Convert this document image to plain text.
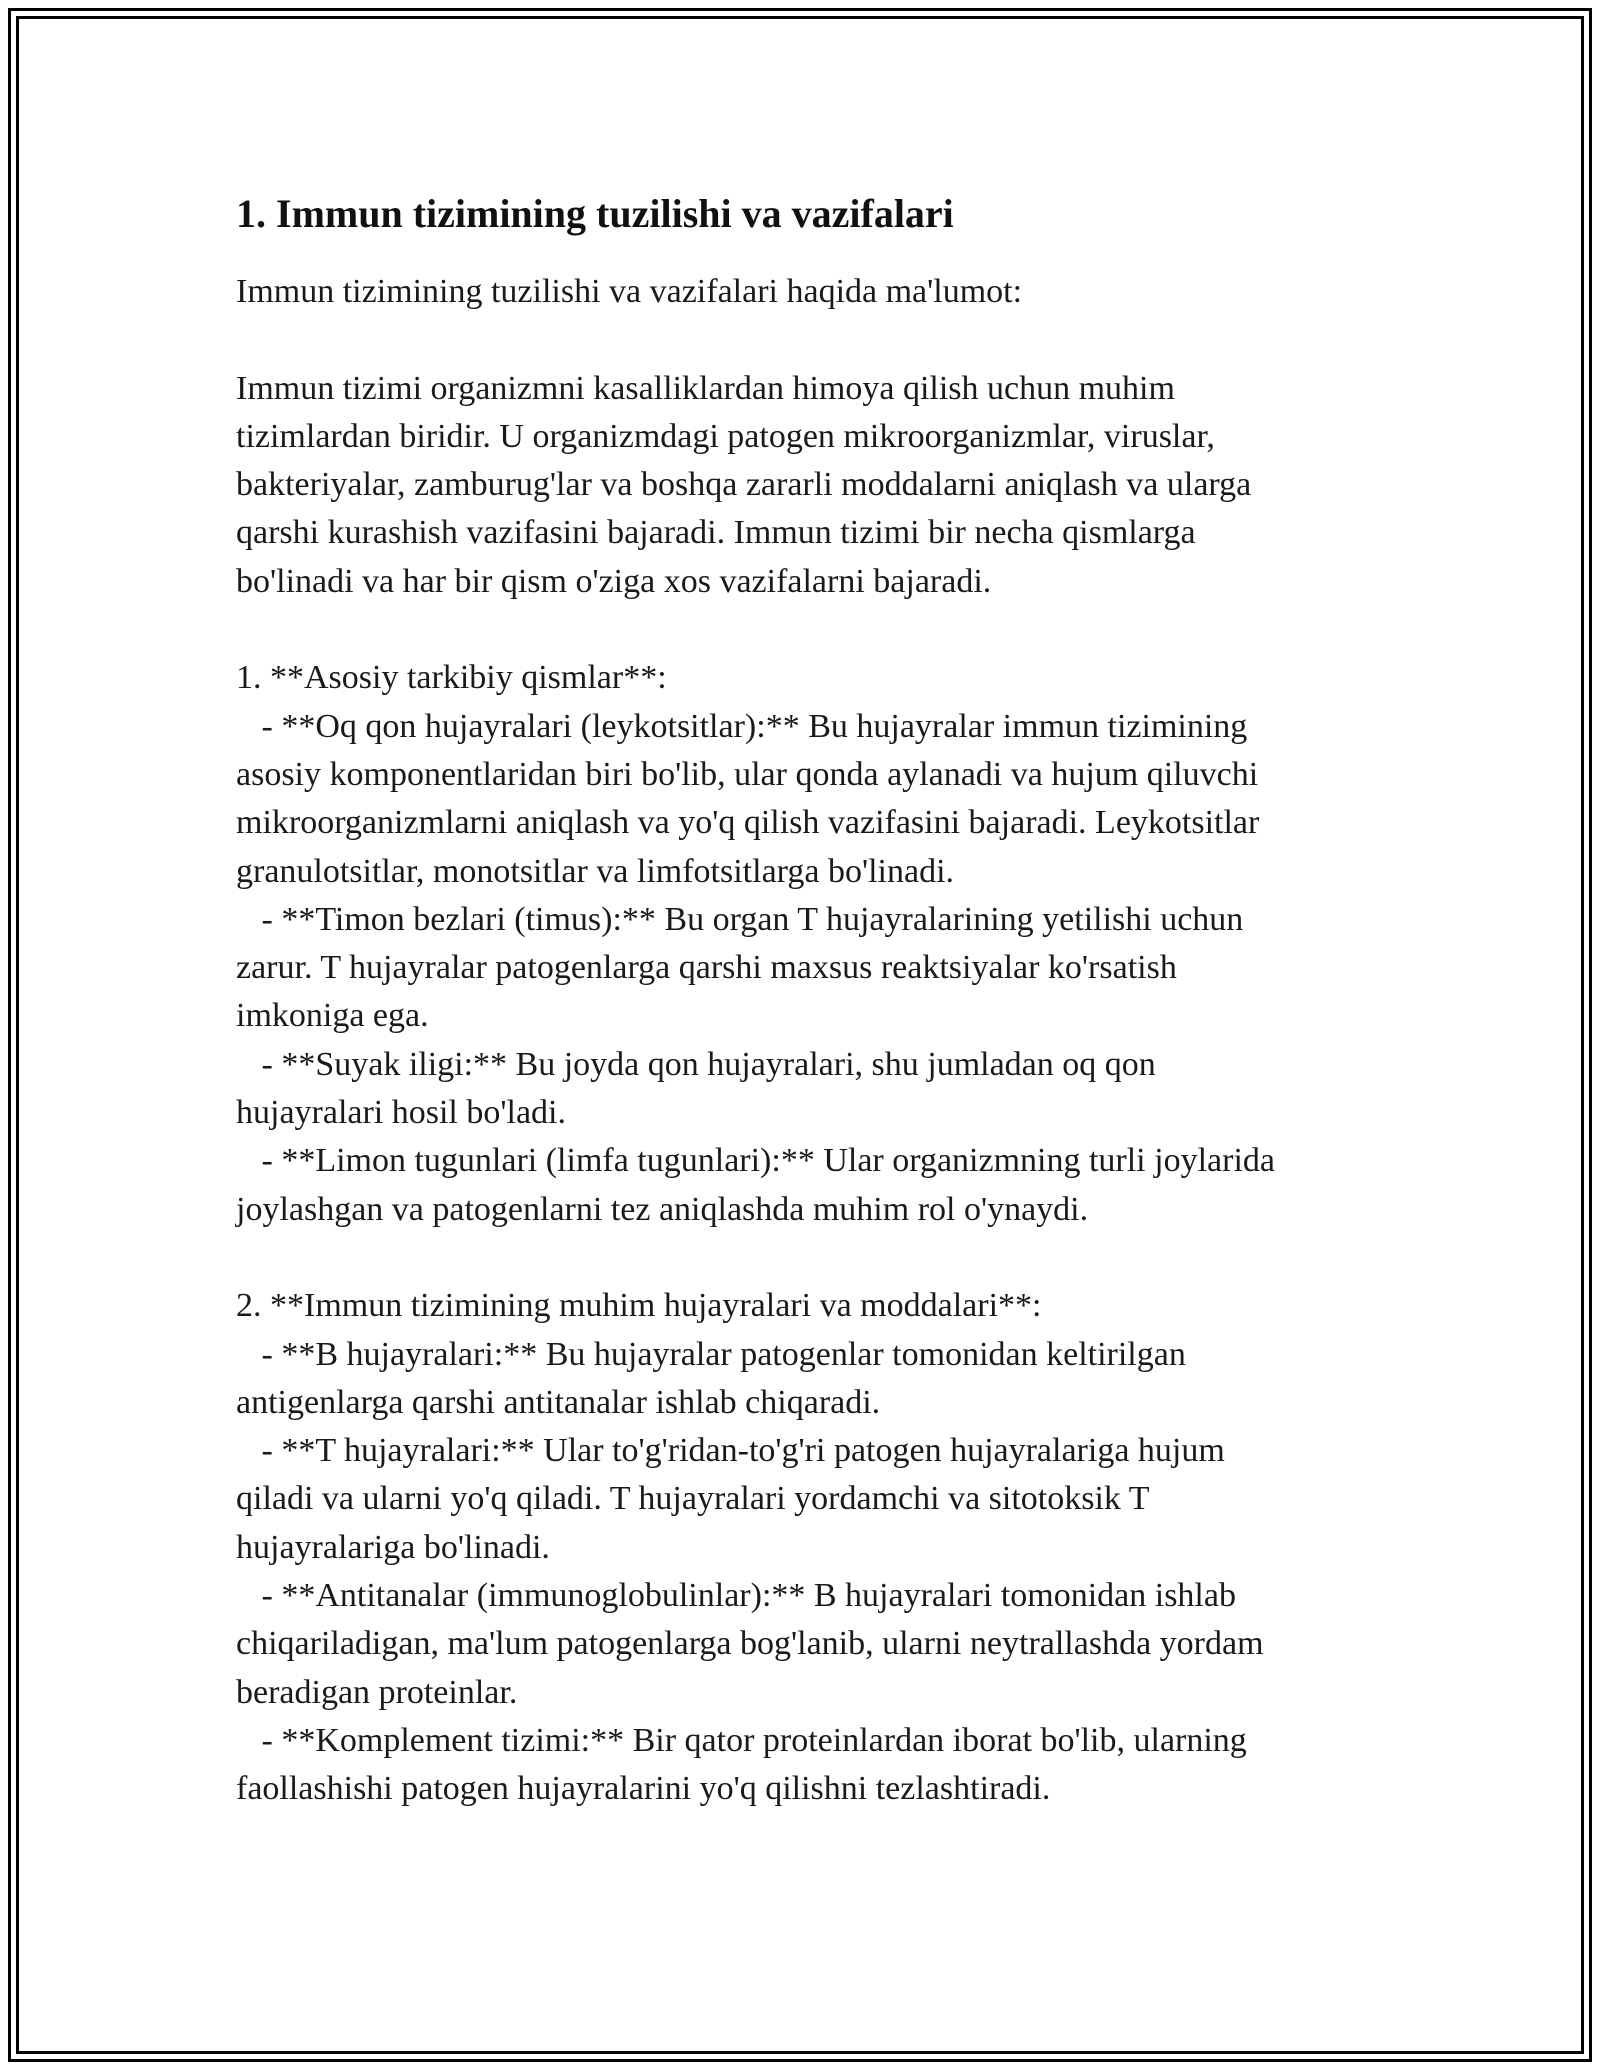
1. Immun tizimining tuzilishi va vazifalari
Immun tizimining tuzilishi va vazifalari haqida ma'lumot:

Immun tizimi organizmni kasalliklardan himoya qilish uchun muhim
tizimlardan biridir. U organizmdagi patogen mikroorganizmlar, viruslar,
bakteriyalar, zamburug'lar va boshqa zararli moddalarni aniqlash va ularga
qarshi kurashish vazifasini bajaradi. Immun tizimi bir necha qismlarga
bo'linadi va har bir qism o'ziga xos vazifalarni bajaradi.

1. **Asosiy tarkibiy qismlar**:
- **Oq qon hujayralari (leykotsitlar):** Bu hujayralar immun tizimining
asosiy komponentlaridan biri bo'lib, ular qonda aylanadi va hujum qiluvchi
mikroorganizmlarni aniqlash va yo'q qilish vazifasini bajaradi. Leykotsitlar
granulotsitlar, monotsitlar va limfotsitlarga bo'linadi.
- **Timon bezlari (timus):** Bu organ T hujayralarining yetilishi uchun
zarur. T hujayralar patogenlarga qarshi maxsus reaktsiyalar ko'rsatish
imkoniga ega.
- **Suyak iligi:** Bu joyda qon hujayralari, shu jumladan oq qon
hujayralari hosil bo'ladi.
- **Limon tugunlari (limfa tugunlari):** Ular organizmning turli joylarida
joylashgan va patogenlarni tez aniqlashda muhim rol o'ynaydi.

2. **Immun tizimining muhim hujayralari va moddalari**:
- **B hujayralari:** Bu hujayralar patogenlar tomonidan keltirilgan
antigenlarga qarshi antitanalar ishlab chiqaradi.
- **T hujayralari:** Ular to'g'ridan-to'g'ri patogen hujayralariga hujum
qiladi va ularni yo'q qiladi. T hujayralari yordamchi va sitotoksik T
hujayralariga bo'linadi.
- **Antitanalar (immunoglobulinlar):** B hujayralari tomonidan ishlab
chiqariladigan, ma'lum patogenlarga bog'lanib, ularni neytrallashda yordam
beradigan proteinlar.
- **Komplement tizimi:** Bir qator proteinlardan iborat bo'lib, ularning
faollashishi patogen hujayralarini yo'q qilishni tezlashtiradi.
